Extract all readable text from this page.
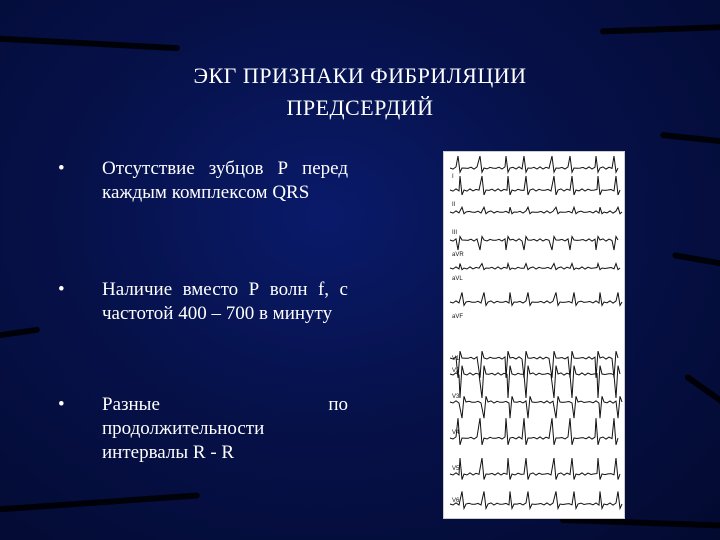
ЭКГ ПРИЗНАКИ ФИБРИЛЯЦИИ ПРЕДСЕРДИЙ
• Отсутствие зубцов Р перед каждым комплексом QRS
• Наличие вместо Р волн f, с частотой 400 – 700 в минуту
• Разные по продолжительности интервалы R - R
I
II
III
aVR
aVL
aVF
V1
V2
V3
V4
V5
V6
